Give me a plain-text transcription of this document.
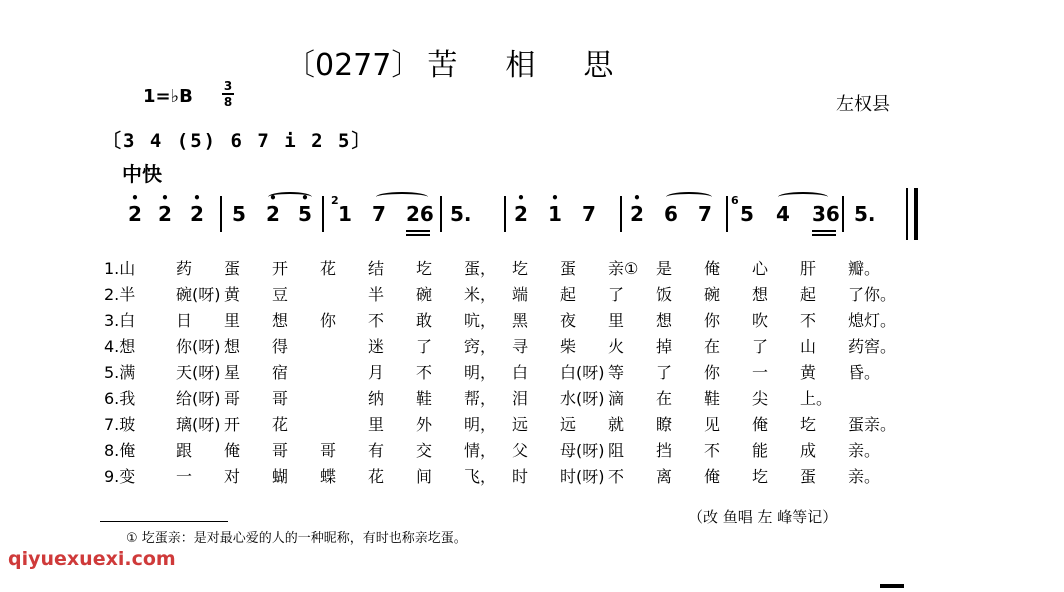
〔0277〕 苦 相 思
1=♭B	3
8	左权县
〔3 4 (5) 6 7 i 2 5〕
中快
2
•
2
•
2
•
5 2
•
5
•
1 7 26 5. 2
•
1
•
7 2
•
6 7 5 4 36 5.
2	6
1.山	药 蛋 开 花 结 圪 蛋， 圪 蛋 亲① 是 俺 心 肝 瓣。
2.半	碗(呀) 黄 豆	半 碗 米， 端 起 了 饭 碗 想 起 了 你。
3.白	日 里 想 你 不 敢 吭， 黑 夜 里 想 你 吹 不 熄 灯。
4.想	你(呀) 想 得	迷 了 窍， 寻 柴 火 掉 在 了 山 药 窖。
5.满	天(呀) 星 宿	月 不 明， 白 白(呀) 等 了 你 一 黄 昏。
6.我	给(呀) 哥 哥	纳 鞋 帮， 泪 水(呀) 滴 在 鞋 尖 上。
7.玻	璃(呀) 开 花	里 外 明， 远 远 就 瞭 见 俺 圪 蛋 亲。
8.俺	跟 俺 哥 哥 有 交 情， 父 母(呀) 阻 挡 不 能 成 亲。
9.变	一 对 蝴 蝶 花 间 飞， 时 时(呀) 不 离 俺 圪 蛋 亲。
（改 鱼唱 左 峰等记）
① 圪蛋亲：是对最心爱的人的一种昵称，有时也称亲圪蛋。
qiyuexuexi.com
